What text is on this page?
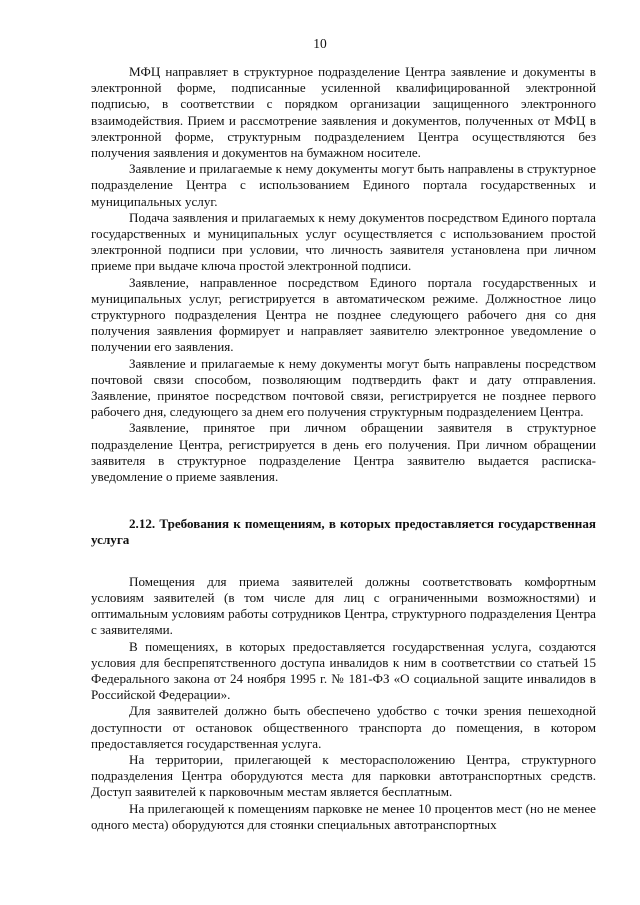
10

МФЦ направляет в структурное подразделение Центра заявление и документы в электронной форме, подписанные усиленной квалифицированной электронной подписью, в соответствии с порядком организации защищенного электронного взаимодействия. Прием и рассмотрение заявления и документов, полученных от МФЦ в электронной форме, структурным подразделением Центра осуществляются без получения заявления и документов на бумажном носителе.

Заявление и прилагаемые к нему документы могут быть направлены в структурное подразделение Центра с использованием Единого портала государственных и муниципальных услуг.

Подача заявления и прилагаемых к нему документов посредством Единого портала государственных и муниципальных услуг осуществляется с использованием простой электронной подписи при условии, что личность заявителя установлена при личном приеме при выдаче ключа простой электронной подписи.

Заявление, направленное посредством Единого портала государственных и муниципальных услуг, регистрируется в автоматическом режиме. Должностное лицо структурного подразделения Центра не позднее следующего рабочего дня со дня получения заявления формирует и направляет заявителю электронное уведомление о получении его заявления.

Заявление и прилагаемые к нему документы могут быть направлены посредством почтовой связи способом, позволяющим подтвердить факт и дату отправления. Заявление, принятое посредством почтовой связи, регистрируется не позднее первого рабочего дня, следующего за днем его получения структурным подразделением Центра.

Заявление, принятое при личном обращении заявителя в структурное подразделение Центра, регистрируется в день его получения. При личном обращении заявителя в структурное подразделение Центра заявителю выдается расписка-уведомление о приеме заявления.

2.12. Требования к помещениям, в которых предоставляется государственная услуга

Помещения для приема заявителей должны соответствовать комфортным условиям заявителей (в том числе для лиц с ограниченными возможностями) и оптимальным условиям работы сотрудников Центра, структурного подразделения Центра с заявителями.

В помещениях, в которых предоставляется государственная услуга, создаются условия для беспрепятственного доступа инвалидов к ним в соответствии со статьей 15 Федерального закона от 24 ноября 1995 г. № 181-ФЗ «О социальной защите инвалидов в Российской Федерации».

Для заявителей должно быть обеспечено удобство с точки зрения пешеходной доступности от остановок общественного транспорта до помещения, в котором предоставляется государственная услуга.

На территории, прилегающей к месторасположению Центра, структурного подразделения Центра оборудуются места для парковки автотранспортных средств. Доступ заявителей к парковочным местам является бесплатным.

На прилегающей к помещениям парковке не менее 10 процентов мест (но не менее одного места) оборудуются для стоянки специальных автотранспортных
